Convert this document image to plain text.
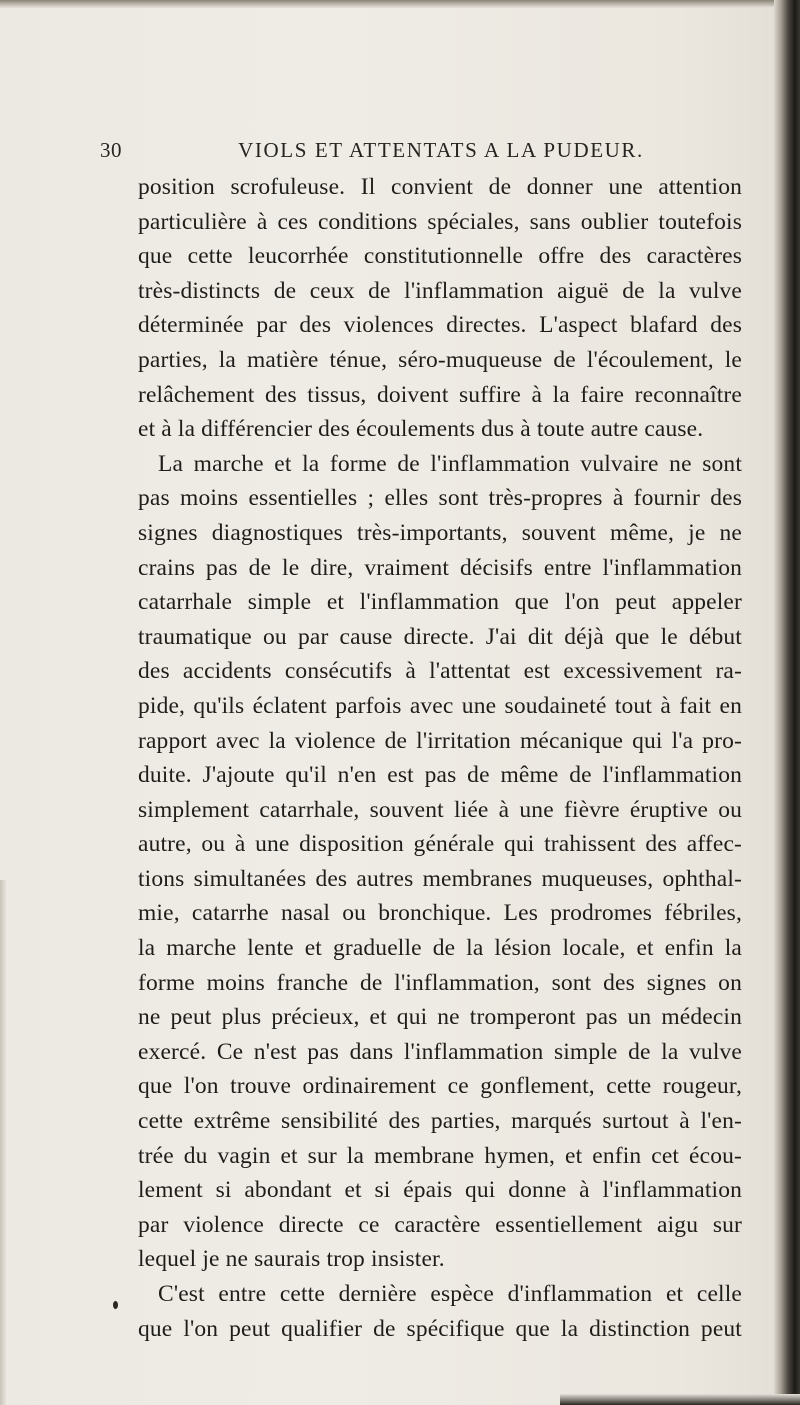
30	VIOLS ET ATTENTATS A LA PUDEUR.
position scrofuleuse. Il convient de donner une attention
particulière à ces conditions spéciales, sans oublier toutefois
que cette leucorrhée constitutionnelle offre des caractères
très-distincts de ceux de l'inflammation aiguë de la vulve
déterminée par des violences directes. L'aspect blafard des
parties, la matière ténue, séro-muqueuse de l'écoulement, le
relâchement des tissus, doivent suffire à la faire reconnaître
et à la différencier des écoulements dus à toute autre cause.
La marche et la forme de l'inflammation vulvaire ne sont
pas moins essentielles ; elles sont très-propres à fournir des
signes diagnostiques très-importants, souvent même, je ne
crains pas de le dire, vraiment décisifs entre l'inflammation
catarrhale simple et l'inflammation que l'on peut appeler
traumatique ou par cause directe. J'ai dit déjà que le début
des accidents consécutifs à l'attentat est excessivement ra-
pide, qu'ils éclatent parfois avec une soudaineté tout à fait en
rapport avec la violence de l'irritation mécanique qui l'a pro-
duite. J'ajoute qu'il n'en est pas de même de l'inflammation
simplement catarrhale, souvent liée à une fièvre éruptive ou
autre, ou à une disposition générale qui trahissent des affec-
tions simultanées des autres membranes muqueuses, ophthal-
mie, catarrhe nasal ou bronchique. Les prodromes fébriles,
la marche lente et graduelle de la lésion locale, et enfin la
forme moins franche de l'inflammation, sont des signes on
ne peut plus précieux, et qui ne tromperont pas un médecin
exercé. Ce n'est pas dans l'inflammation simple de la vulve
que l'on trouve ordinairement ce gonflement, cette rougeur,
cette extrême sensibilité des parties, marqués surtout à l'en-
trée du vagin et sur la membrane hymen, et enfin cet écou-
lement si abondant et si épais qui donne à l'inflammation
par violence directe ce caractère essentiellement aigu sur
lequel je ne saurais trop insister.
C'est entre cette dernière espèce d'inflammation et celle
que l'on peut qualifier de spécifique que la distinction peut
